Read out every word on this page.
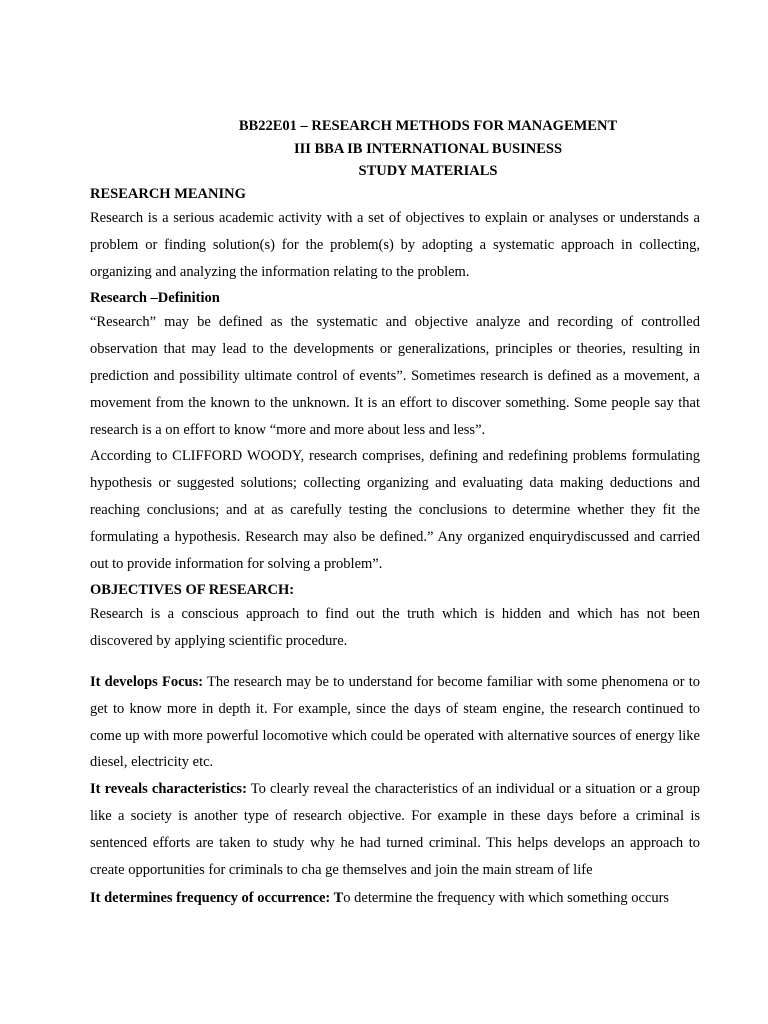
BB22E01 – RESEARCH METHODS FOR MANAGEMENT
III BBA IB INTERNATIONAL BUSINESS
STUDY MATERIALS

RESEARCH MEANING

Research is a serious academic activity with a set of objectives to explain or analyses or understands a problem or finding solution(s) for the problem(s) by adopting a systematic approach in collecting, organizing and analyzing the information relating to the problem.

Research –Definition

“Research” may be defined as the systematic and objective analyze and recording of controlled observation that may lead to the developments or generalizations, principles or theories, resulting in prediction and possibility ultimate control of events”. Sometimes research is defined as a movement, a movement from the known to the unknown. It is an effort to discover something. Some people say that research is a on effort to know “more and more about less and less”.

According to CLIFFORD WOODY, research comprises, defining and redefining problems formulating hypothesis or suggested solutions; collecting organizing and evaluating data making deductions and reaching conclusions; and at as carefully testing the conclusions to determine whether they fit the formulating a hypothesis. Research may also be defined.” Any organized enquirydiscussed and carried out to provide information for solving a problem”.

OBJECTIVES OF RESEARCH:

Research is a conscious approach to find out the truth which is hidden and which has not been discovered by applying scientific procedure.

It develops Focus: The research may be to understand for become familiar with some phenomena or to get to know more in depth it. For example, since the days of steam engine, the research continued to come up with more powerful locomotive which could be operated with alternative sources of energy like diesel, electricity etc.

It reveals characteristics: To clearly reveal the characteristics of an individual or a situation or a group like a society is another type of research objective. For example in these days before a criminal is sentenced efforts are taken to study why he had turned criminal. This helps develops an approach to create opportunities for criminals to cha ge themselves and join the main stream of life

It determines frequency of occurrence: To determine the frequency with which something occurs
